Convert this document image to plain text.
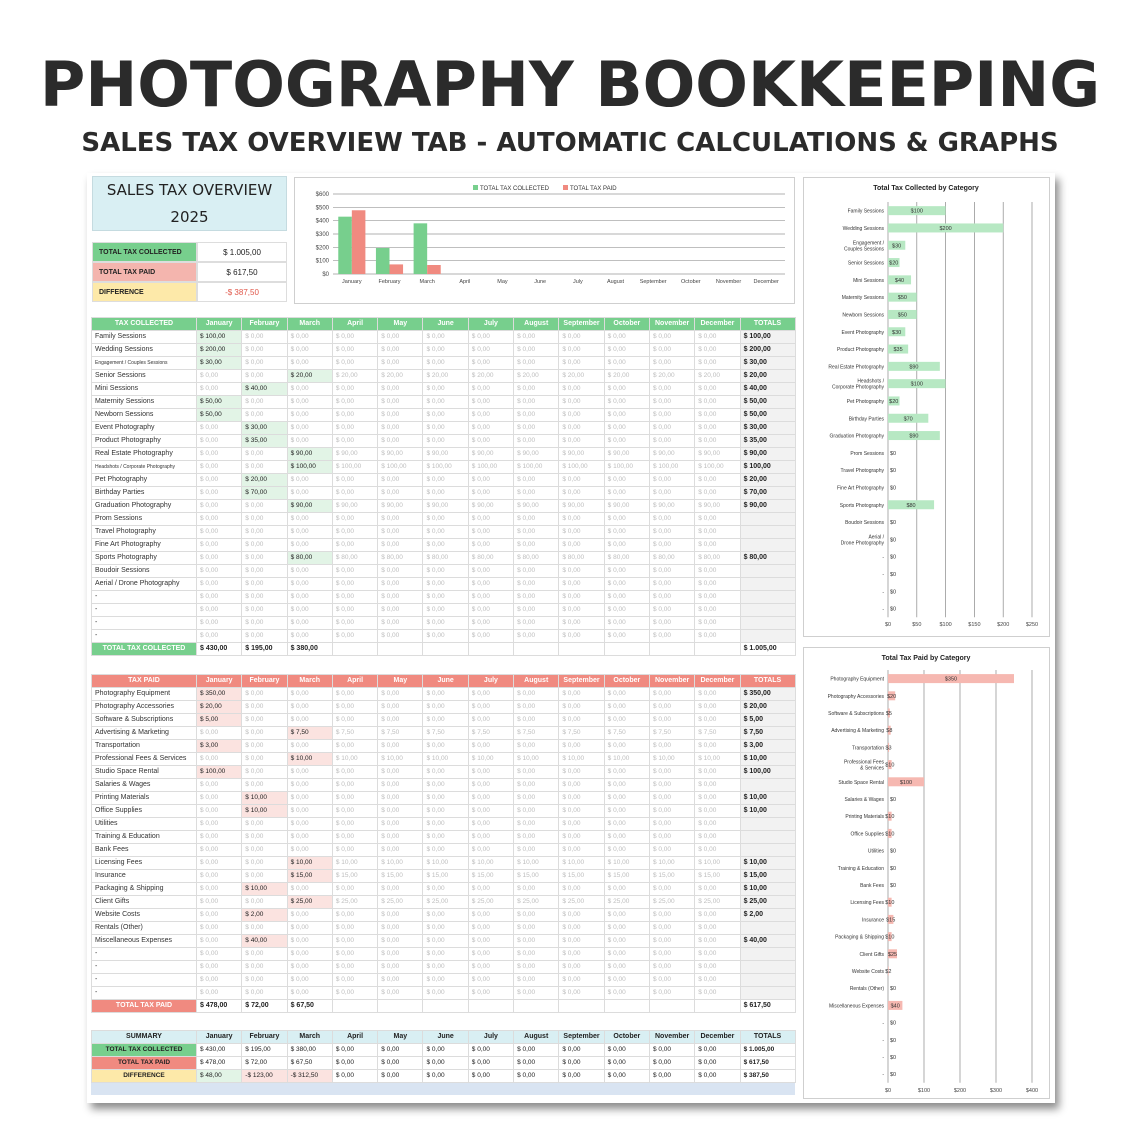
PHOTOGRAPHY BOOKKEEPING
SALES TAX OVERVIEW TAB - AUTOMATIC CALCULATIONS & GRAPHS
SALES TAX OVERVIEW
2025
TOTAL TAX COLLECTED	$ 1.005,00
TOTAL TAX PAID	$ 617,50
DIFFERENCE	-$ 387,50
$0
$100
$200
$300
$400
$500
$600
January	February	March	April	May	June	July	August	September	October	November December
TOTAL TAX COLLECTED	TOTAL TAX PAID
TAX COLLECTED	January	February	March	April	May	June	July	August	September	October	November	December	TOTALS
Family Sessions	$ 100,00	$ 0,00	$ 0,00	$ 0,00	$ 0,00	$ 0,00	$ 0,00	$ 0,00	$ 0,00	$ 0,00	$ 0,00	$ 0,00	$ 100,00
Wedding Sessions	$ 200,00	$ 0,00	$ 0,00	$ 0,00	$ 0,00	$ 0,00	$ 0,00	$ 0,00	$ 0,00	$ 0,00	$ 0,00	$ 0,00	$ 200,00
Engagement / Couples Sessions	$ 30,00	$ 0,00	$ 0,00	$ 0,00	$ 0,00	$ 0,00	$ 0,00	$ 0,00	$ 0,00	$ 0,00	$ 0,00	$ 0,00	$ 30,00
Senior Sessions	$ 0,00	$ 0,00	$ 20,00	$ 20,00	$ 20,00	$ 20,00	$ 20,00	$ 20,00	$ 20,00	$ 20,00	$ 20,00	$ 20,00	$ 20,00
Mini Sessions	$ 0,00	$ 40,00	$ 0,00	$ 0,00	$ 0,00	$ 0,00	$ 0,00	$ 0,00	$ 0,00	$ 0,00	$ 0,00	$ 0,00	$ 40,00
Maternity Sessions	$ 50,00	$ 0,00	$ 0,00	$ 0,00	$ 0,00	$ 0,00	$ 0,00	$ 0,00	$ 0,00	$ 0,00	$ 0,00	$ 0,00	$ 50,00
Newborn Sessions	$ 50,00	$ 0,00	$ 0,00	$ 0,00	$ 0,00	$ 0,00	$ 0,00	$ 0,00	$ 0,00	$ 0,00	$ 0,00	$ 0,00	$ 50,00
Event Photography	$ 0,00	$ 30,00	$ 0,00	$ 0,00	$ 0,00	$ 0,00	$ 0,00	$ 0,00	$ 0,00	$ 0,00	$ 0,00	$ 0,00	$ 30,00
Product Photography	$ 0,00	$ 35,00	$ 0,00	$ 0,00	$ 0,00	$ 0,00	$ 0,00	$ 0,00	$ 0,00	$ 0,00	$ 0,00	$ 0,00	$ 35,00
Real Estate Photography	$ 0,00	$ 0,00	$ 90,00	$ 90,00	$ 90,00	$ 90,00	$ 90,00	$ 90,00	$ 90,00	$ 90,00	$ 90,00	$ 90,00	$ 90,00
Headshots / Corporate Photography	$ 0,00	$ 0,00	$ 100,00	$ 100,00	$ 100,00	$ 100,00	$ 100,00	$ 100,00	$ 100,00	$ 100,00	$ 100,00	$ 100,00	$ 100,00
Pet Photography	$ 0,00	$ 20,00	$ 0,00	$ 0,00	$ 0,00	$ 0,00	$ 0,00	$ 0,00	$ 0,00	$ 0,00	$ 0,00	$ 0,00	$ 20,00
Birthday Parties	$ 0,00	$ 70,00	$ 0,00	$ 0,00	$ 0,00	$ 0,00	$ 0,00	$ 0,00	$ 0,00	$ 0,00	$ 0,00	$ 0,00	$ 70,00
Graduation Photography	$ 0,00	$ 0,00	$ 90,00	$ 90,00	$ 90,00	$ 90,00	$ 90,00	$ 90,00	$ 90,00	$ 90,00	$ 90,00	$ 90,00	$ 90,00
Prom Sessions	$ 0,00	$ 0,00	$ 0,00	$ 0,00	$ 0,00	$ 0,00	$ 0,00	$ 0,00	$ 0,00	$ 0,00	$ 0,00	$ 0,00	
Travel Photography	$ 0,00	$ 0,00	$ 0,00	$ 0,00	$ 0,00	$ 0,00	$ 0,00	$ 0,00	$ 0,00	$ 0,00	$ 0,00	$ 0,00	
Fine Art Photography	$ 0,00	$ 0,00	$ 0,00	$ 0,00	$ 0,00	$ 0,00	$ 0,00	$ 0,00	$ 0,00	$ 0,00	$ 0,00	$ 0,00	
Sports Photography	$ 0,00	$ 0,00	$ 80,00	$ 80,00	$ 80,00	$ 80,00	$ 80,00	$ 80,00	$ 80,00	$ 80,00	$ 80,00	$ 80,00	$ 80,00
Boudoir Sessions	$ 0,00	$ 0,00	$ 0,00	$ 0,00	$ 0,00	$ 0,00	$ 0,00	$ 0,00	$ 0,00	$ 0,00	$ 0,00	$ 0,00	
Aerial / Drone Photography	$ 0,00	$ 0,00	$ 0,00	$ 0,00	$ 0,00	$ 0,00	$ 0,00	$ 0,00	$ 0,00	$ 0,00	$ 0,00	$ 0,00	
-	$ 0,00	$ 0,00	$ 0,00	$ 0,00	$ 0,00	$ 0,00	$ 0,00	$ 0,00	$ 0,00	$ 0,00	$ 0,00	$ 0,00	
-	$ 0,00	$ 0,00	$ 0,00	$ 0,00	$ 0,00	$ 0,00	$ 0,00	$ 0,00	$ 0,00	$ 0,00	$ 0,00	$ 0,00	
-	$ 0,00	$ 0,00	$ 0,00	$ 0,00	$ 0,00	$ 0,00	$ 0,00	$ 0,00	$ 0,00	$ 0,00	$ 0,00	$ 0,00	
-	$ 0,00	$ 0,00	$ 0,00	$ 0,00	$ 0,00	$ 0,00	$ 0,00	$ 0,00	$ 0,00	$ 0,00	$ 0,00	$ 0,00	
TOTAL TAX COLLECTED	$ 430,00	$ 195,00	$ 380,00										$ 1.005,00
TAX PAID	January	February	March	April	May	June	July	August	September	October	November	December	TOTALS
Photography Equipment	$ 350,00	$ 0,00	$ 0,00	$ 0,00	$ 0,00	$ 0,00	$ 0,00	$ 0,00	$ 0,00	$ 0,00	$ 0,00	$ 0,00	$ 350,00
Photography Accessories	$ 20,00	$ 0,00	$ 0,00	$ 0,00	$ 0,00	$ 0,00	$ 0,00	$ 0,00	$ 0,00	$ 0,00	$ 0,00	$ 0,00	$ 20,00
Software & Subscriptions	$ 5,00	$ 0,00	$ 0,00	$ 0,00	$ 0,00	$ 0,00	$ 0,00	$ 0,00	$ 0,00	$ 0,00	$ 0,00	$ 0,00	$ 5,00
Advertising & Marketing	$ 0,00	$ 0,00	$ 7,50	$ 7,50	$ 7,50	$ 7,50	$ 7,50	$ 7,50	$ 7,50	$ 7,50	$ 7,50	$ 7,50	$ 7,50
Transportation	$ 3,00	$ 0,00	$ 0,00	$ 0,00	$ 0,00	$ 0,00	$ 0,00	$ 0,00	$ 0,00	$ 0,00	$ 0,00	$ 0,00	$ 3,00
Professional Fees & Services	$ 0,00	$ 0,00	$ 10,00	$ 10,00	$ 10,00	$ 10,00	$ 10,00	$ 10,00	$ 10,00	$ 10,00	$ 10,00	$ 10,00	$ 10,00
Studio Space Rental	$ 100,00	$ 0,00	$ 0,00	$ 0,00	$ 0,00	$ 0,00	$ 0,00	$ 0,00	$ 0,00	$ 0,00	$ 0,00	$ 0,00	$ 100,00
Salaries & Wages	$ 0,00	$ 0,00	$ 0,00	$ 0,00	$ 0,00	$ 0,00	$ 0,00	$ 0,00	$ 0,00	$ 0,00	$ 0,00	$ 0,00	
Printing Materials	$ 0,00	$ 10,00	$ 0,00	$ 0,00	$ 0,00	$ 0,00	$ 0,00	$ 0,00	$ 0,00	$ 0,00	$ 0,00	$ 0,00	$ 10,00
Office Supplies	$ 0,00	$ 10,00	$ 0,00	$ 0,00	$ 0,00	$ 0,00	$ 0,00	$ 0,00	$ 0,00	$ 0,00	$ 0,00	$ 0,00	$ 10,00
Utilities	$ 0,00	$ 0,00	$ 0,00	$ 0,00	$ 0,00	$ 0,00	$ 0,00	$ 0,00	$ 0,00	$ 0,00	$ 0,00	$ 0,00	
Training & Education	$ 0,00	$ 0,00	$ 0,00	$ 0,00	$ 0,00	$ 0,00	$ 0,00	$ 0,00	$ 0,00	$ 0,00	$ 0,00	$ 0,00	
Bank Fees	$ 0,00	$ 0,00	$ 0,00	$ 0,00	$ 0,00	$ 0,00	$ 0,00	$ 0,00	$ 0,00	$ 0,00	$ 0,00	$ 0,00	
Licensing Fees	$ 0,00	$ 0,00	$ 10,00	$ 10,00	$ 10,00	$ 10,00	$ 10,00	$ 10,00	$ 10,00	$ 10,00	$ 10,00	$ 10,00	$ 10,00
Insurance	$ 0,00	$ 0,00	$ 15,00	$ 15,00	$ 15,00	$ 15,00	$ 15,00	$ 15,00	$ 15,00	$ 15,00	$ 15,00	$ 15,00	$ 15,00
Packaging & Shipping	$ 0,00	$ 10,00	$ 0,00	$ 0,00	$ 0,00	$ 0,00	$ 0,00	$ 0,00	$ 0,00	$ 0,00	$ 0,00	$ 0,00	$ 10,00
Client Gifts	$ 0,00	$ 0,00	$ 25,00	$ 25,00	$ 25,00	$ 25,00	$ 25,00	$ 25,00	$ 25,00	$ 25,00	$ 25,00	$ 25,00	$ 25,00
Website Costs	$ 0,00	$ 2,00	$ 0,00	$ 0,00	$ 0,00	$ 0,00	$ 0,00	$ 0,00	$ 0,00	$ 0,00	$ 0,00	$ 0,00	$ 2,00
Rentals (Other)	$ 0,00	$ 0,00	$ 0,00	$ 0,00	$ 0,00	$ 0,00	$ 0,00	$ 0,00	$ 0,00	$ 0,00	$ 0,00	$ 0,00	
Miscellaneous Expenses	$ 0,00	$ 40,00	$ 0,00	$ 0,00	$ 0,00	$ 0,00	$ 0,00	$ 0,00	$ 0,00	$ 0,00	$ 0,00	$ 0,00	$ 40,00
-	$ 0,00	$ 0,00	$ 0,00	$ 0,00	$ 0,00	$ 0,00	$ 0,00	$ 0,00	$ 0,00	$ 0,00	$ 0,00	$ 0,00	
-	$ 0,00	$ 0,00	$ 0,00	$ 0,00	$ 0,00	$ 0,00	$ 0,00	$ 0,00	$ 0,00	$ 0,00	$ 0,00	$ 0,00	
-	$ 0,00	$ 0,00	$ 0,00	$ 0,00	$ 0,00	$ 0,00	$ 0,00	$ 0,00	$ 0,00	$ 0,00	$ 0,00	$ 0,00	
-	$ 0,00	$ 0,00	$ 0,00	$ 0,00	$ 0,00	$ 0,00	$ 0,00	$ 0,00	$ 0,00	$ 0,00	$ 0,00	$ 0,00	
TOTAL TAX PAID	$ 478,00	$ 72,00	$ 67,50										$ 617,50
SUMMARY	January	February	March	April	May	June	July	August	September	October	November	December	TOTALS
TOTAL TAX COLLECTED	$ 430,00	$ 195,00	$ 380,00	$ 0,00	$ 0,00	$ 0,00	$ 0,00	$ 0,00	$ 0,00	$ 0,00	$ 0,00	$ 0,00	$ 1.005,00
TOTAL TAX PAID	$ 478,00	$ 72,00	$ 67,50	$ 0,00	$ 0,00	$ 0,00	$ 0,00	$ 0,00	$ 0,00	$ 0,00	$ 0,00	$ 0,00	$ 617,50
DIFFERENCE	$ 48,00	-$ 123,00	-$ 312,50	$ 0,00	$ 0,00	$ 0,00	$ 0,00	$ 0,00	$ 0,00	$ 0,00	$ 0,00	$ 0,00	$ 387,50
Total Tax Collected by Category
$0	$50	$100	$150	$200	$250
Family Sessions	$100
Wedding Sessions	$200
Engagement /
Couples Sessions $30
Senior Sessions $20
Mini Sessions $40
Maternity Sessions	$50
Newborn Sessions	$50
Event Photography $30
Product Photography $35
Real Estate Photography	$90
Headshots /
Corporate Photography	$100
Pet Photography $20
Birthday Parties	$70
Graduation Photography	$90
Prom Sessions $0
Travel Photography $0
Fine Art Photography $0
Sports Photography	$80
Boudoir Sessions $0
Aerial /
Drone Photography $0
- $0
- $0
- $0
- $0
Total Tax Paid by Category
$0	$100	$200	$300	$400
Photography Equipment	$350
Photography Accessories $20
Software & Subscriptions $5
Advertising & Marketing $8
Transportation $3
Professional Fees
& Services $10
Studio Space Rental	$100
Salaries & Wages $0
Printing Materials $10
Office Supplies $10
Utilities $0
Training & Education $0
Bank Fees $0
Licensing Fees $10
Insurance $15
Packaging & Shipping $10
Client Gifts $25
Website Costs $2
Rentals (Other) $0
Miscellaneous Expenses $40
- $0
- $0
- $0
- $0
